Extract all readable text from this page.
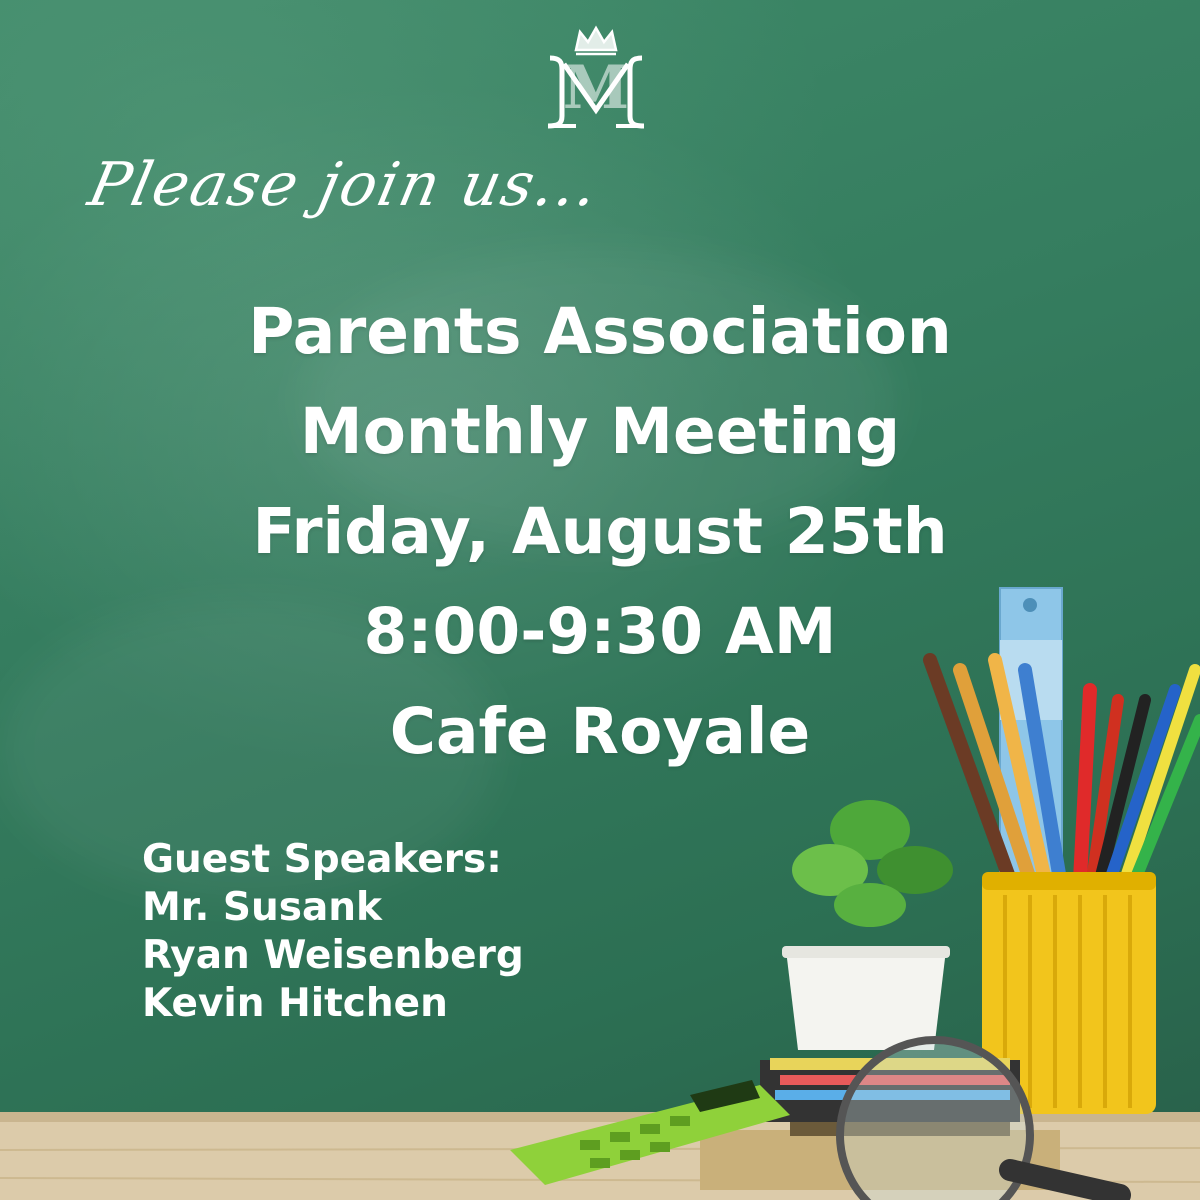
M
Please join us...
Parents Association
Monthly Meeting
Friday, August 25th
8:00-9:30 AM
Cafe Royale
Guest Speakers:
Mr. Susank
Ryan Weisenberg
Kevin Hitchen
